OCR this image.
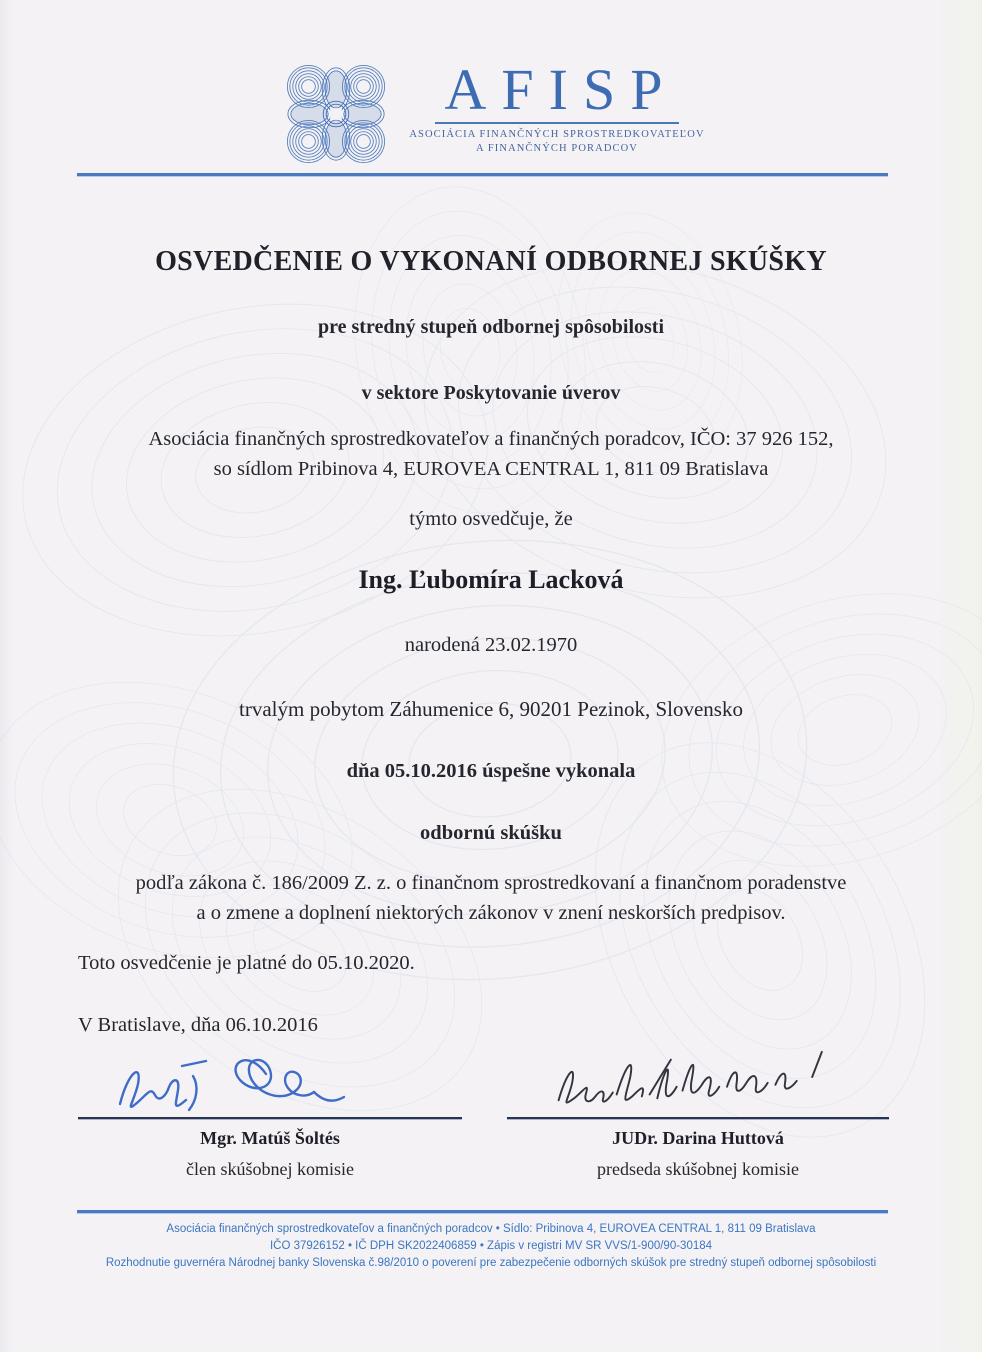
AFISP
ASOCIÁCIA FINANČNÝCH SPROSTREDKOVATEĽOV
A FINANČNÝCH PORADCOV
OSVEDČENIE O VYKONANÍ ODBORNEJ SKÚŠKY
pre stredný stupeň odbornej spôsobilosti
v sektore Poskytovanie úverov
Asociácia finančných sprostredkovateľov a finančných poradcov, IČO: 37 926 152,
so sídlom Pribinova 4, EUROVEA CENTRAL 1, 811 09 Bratislava
týmto osvedčuje, že
Ing. Ľubomíra Lacková
narodená 23.02.1970
trvalým pobytom Záhumenice 6, 90201 Pezinok, Slovensko
dňa 05.10.2016 úspešne vykonala
odbornú skúšku
podľa zákona č. 186/2009 Z. z. o finančnom sprostredkovaní a finančnom poradenstve
a o zmene a doplnení niektorých zákonov v znení neskorších predpisov.
Toto osvedčenie je platné do 05.10.2020.
V Bratislave, dňa 06.10.2016
Mgr. Matúš Šoltés
člen skúšobnej komisie
JUDr. Darina Huttová
predseda skúšobnej komisie
Asociácia finančných sprostredkovateľov a finančných poradcov • Sídlo: Pribinova 4, EUROVEA CENTRAL 1, 811 09 Bratislava
IČO 37926152 • IČ DPH SK2022406859 • Zápis v registri MV SR VVS/1-900/90-30184
Rozhodnutie guvernéra Národnej banky Slovenska č.98/2010 o poverení pre zabezpečenie odborných skúšok pre stredný stupeň odbornej spôsobilosti
